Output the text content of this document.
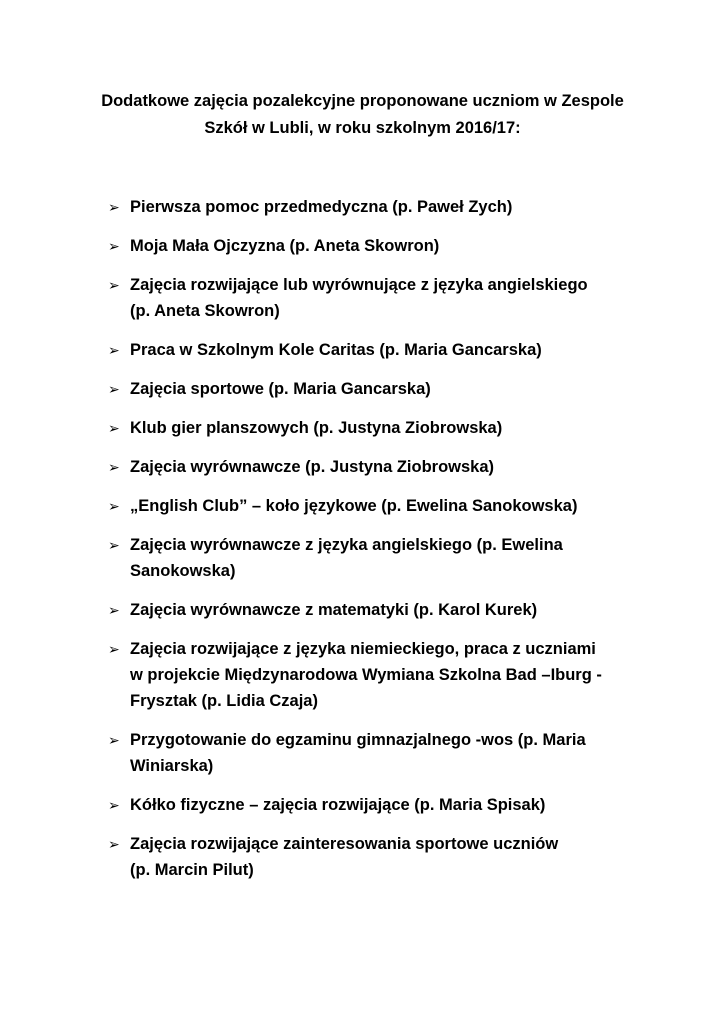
Dodatkowe zajęcia pozalekcyjne proponowane uczniom w Zespole
Szkół w Lubli, w roku szkolnym 2016/17:
➢ Pierwsza pomoc przedmedyczna (p. Paweł Zych)
➢ Moja Mała Ojczyzna (p. Aneta Skowron)
➢ Zajęcia rozwijające lub wyrównujące z języka angielskiego
(p. Aneta Skowron)
➢ Praca w Szkolnym Kole Caritas (p. Maria Gancarska)
➢ Zajęcia sportowe (p. Maria Gancarska)
➢ Klub gier planszowych (p. Justyna Ziobrowska)
➢ Zajęcia wyrównawcze (p. Justyna Ziobrowska)
➢ „English Club” – koło językowe (p. Ewelina Sanokowska)
➢ Zajęcia wyrównawcze z języka angielskiego (p. Ewelina
Sanokowska)
➢ Zajęcia wyrównawcze z matematyki (p. Karol Kurek)
➢ Zajęcia rozwijające z języka niemieckiego, praca z uczniami
w projekcie Międzynarodowa Wymiana Szkolna Bad –Iburg -
Frysztak (p. Lidia Czaja)
➢ Przygotowanie do egzaminu gimnazjalnego -wos (p. Maria
Winiarska)
➢ Kółko fizyczne – zajęcia rozwijające (p. Maria Spisak)
➢ Zajęcia rozwijające zainteresowania sportowe uczniów
(p. Marcin Pilut)
